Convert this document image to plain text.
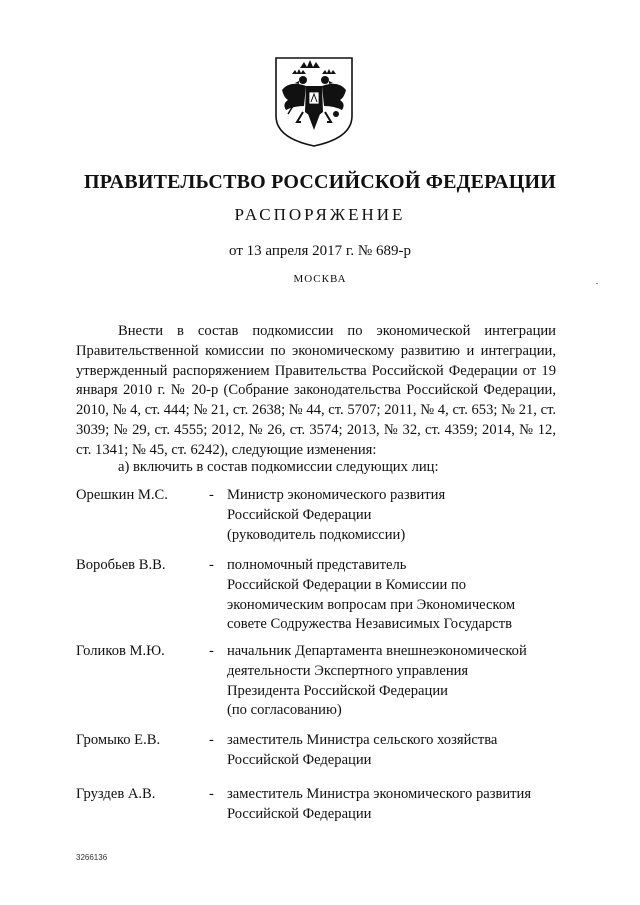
ПРАВИТЕЛЬСТВО РОССИЙСКОЙ ФЕДЕРАЦИИ
РАСПОРЯЖЕНИЕ
от 13 апреля 2017 г. № 689-р
МОСКВА
Внести в состав подкомиссии по экономической интеграции Правительственной комиссии по экономическому развитию и интеграции, утвержденный распоряжением Правительства Российской Федерации от 19 января 2010 г. № 20-р (Собрание законодательства Российской Федерации, 2010, № 4, ст. 444; № 21, ст. 2638; № 44, ст. 5707; 2011, № 4, ст. 653; № 21, ст. 3039; № 29, ст. 4555; 2012, № 26, ст. 3574; 2013, № 32, ст. 4359; 2014, № 12, ст. 1341; № 45, ст. 6242), следующие изменения:
а) включить в состав подкомиссии следующих лиц:
Орешкин М.С.	- Министр экономического развития
Российской Федерации
(руководитель подкомиссии)
Воробьев В.В.	- полномочный представитель
Российской Федерации в Комиссии по
экономическим вопросам при Экономическом
совете Содружества Независимых Государств
Голиков М.Ю.	- начальник Департамента внешнеэкономической
деятельности Экспертного управления
Президента Российской Федерации
(по согласованию)
Громыко Е.В.	- заместитель Министра сельского хозяйства
Российской Федерации
Груздев А.В.	- заместитель Министра экономического развития
Российской Федерации
3266136
